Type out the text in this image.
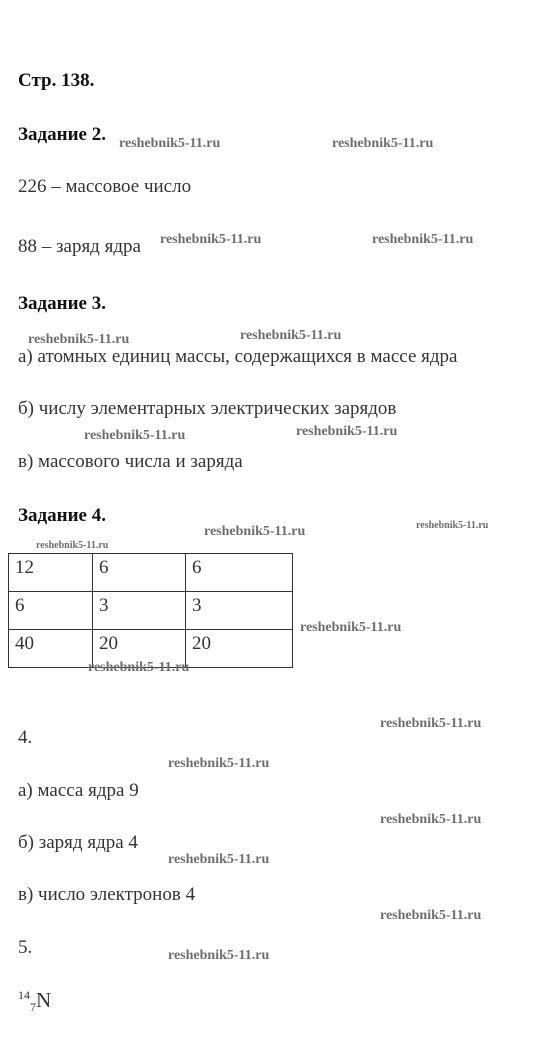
Стр. 138.
Задание 2.
226 – массовое число
88 – заряд ядра
Задание 3.
а) атомных единиц массы, содержащихся в массе ядра
б) числу элементарных электрических зарядов
в) массового числа и заряда
Задание 4.
12	6	6
6	3	3
40	20	20
4.
а) масса ядра 9
б) заряд ядра 4
в) число электронов 4
5.
$^{14}_7$N
reshebnik5-11.ru	reshebnik5-11.ru
reshebnik5-11.ru	reshebnik5-11.ru
reshebnik5-11.ru
reshebnik5-11.ru
reshebnik5-11.ru
reshebnik5-11.ru
reshebnik5-11.ru	reshebnik5-11.ru
reshebnik5-11.ru
reshebnik5-11.ru
reshebnik5-11.ru
reshebnik5-11.ru
reshebnik5-11.ru
reshebnik5-11.ru
reshebnik5-11.ru
reshebnik5-11.ru
reshebnik5-11.ru
